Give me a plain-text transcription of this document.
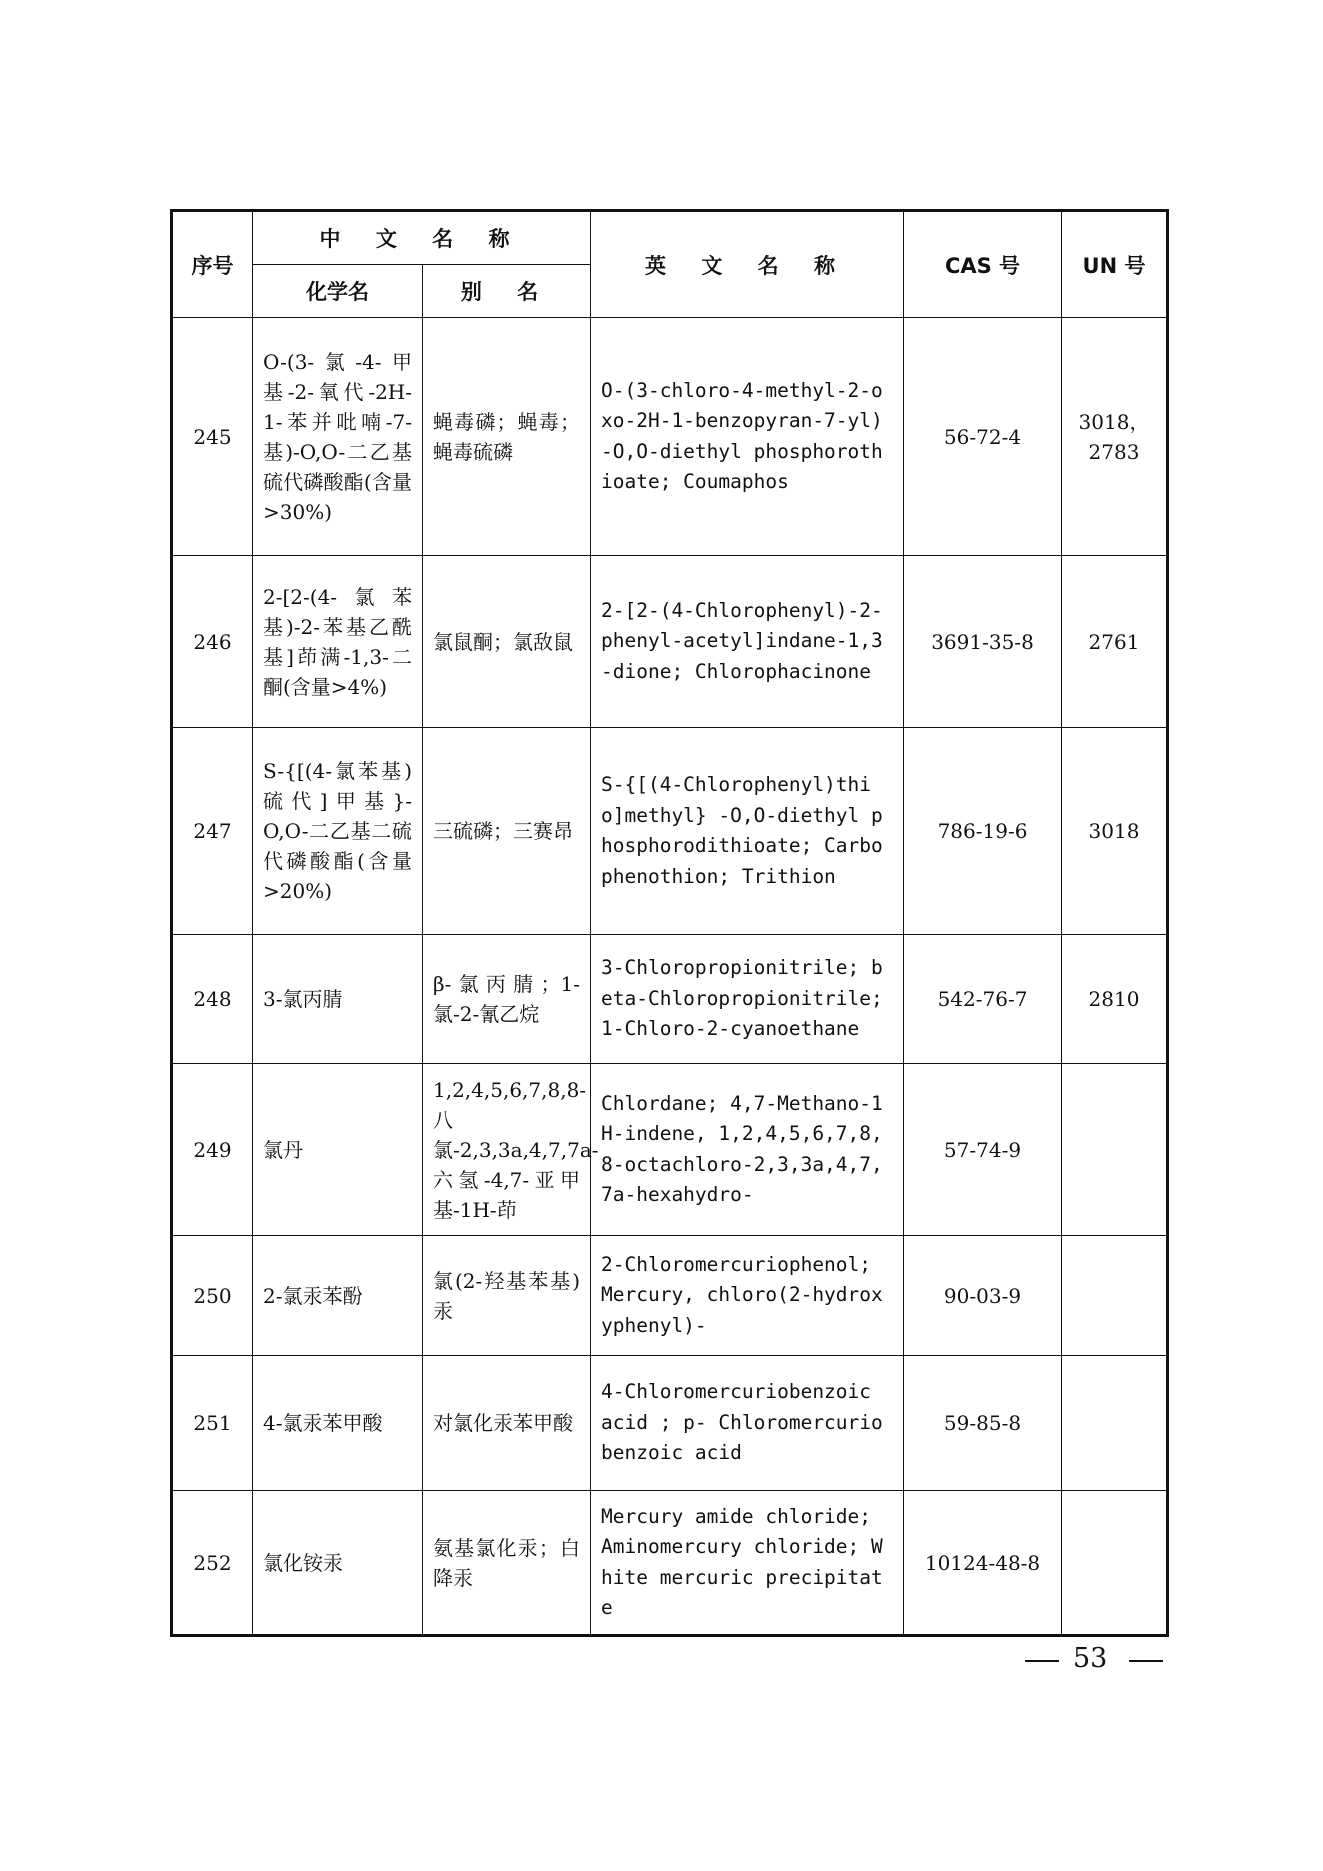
序号	中 文 名 称		英 文 名 称	CAS 号	UN 号
	化学名	别 名			
245	O-(3-氯-4-甲基-2-氧代-2H-1-苯并吡喃-7-基)-O,O-二乙基硫代磷酸酯(含量>30%)	蝇毒磷；蝇毒；蝇毒硫磷	O-(3-chloro-4-methyl-2-oxo-2H-1-benzopyran-7-yl)-O,O-diethyl phosphorothioate; Coumaphos	56-72-4	3018，2783
246	2-[2-(4-氯苯基)-2-苯基乙酰基]茚满-1,3-二酮(含量>4%)	氯鼠酮；氯敌鼠	2-[2-(4-Chlorophenyl)-2-phenyl-acetyl]indane-1,3-dione; Chlorophacinone	3691-35-8	2761
247	S-{[(4-氯苯基)硫代]甲基}-O,O-二乙基二硫代磷酸酯(含量>20%)	三硫磷；三赛昂	S-{[(4-Chlorophenyl)thio]methyl} -O,O-diethyl phosphorodithioate; Carbophenothion; Trithion	786-19-6	3018
248	3-氯丙腈	β-氯丙腈；1-氯-2-氰乙烷	3-Chloropropionitrile; beta-Chloropropionitrile; 1-Chloro-2-cyanoethane	542-76-7	2810
249	氯丹	1,2,4,5,6,7,8,8-八氯-2,3,3a,4,7,7a-六氢-4,7-亚甲基-1H-茚	Chlordane; 4,7-Methano-1H-indene, 1,2,4,5,6,7,8,8-octachloro-2,3,3a,4,7,7a-hexahydro-	57-74-9	
250	2-氯汞苯酚	氯(2-羟基苯基)汞	2-Chloromercuriophenol; Mercury, chloro(2-hydroxyphenyl)-	90-03-9	
251	4-氯汞苯甲酸	对氯化汞苯甲酸	4-Chloromercuriobenzoic acid ; p- Chloromercuriobenzoic acid	59-85-8	
252	氯化铵汞	氨基氯化汞；白降汞	Mercury amide chloride; Aminomercury chloride; White mercuric precipitate	10124-48-8	
53
